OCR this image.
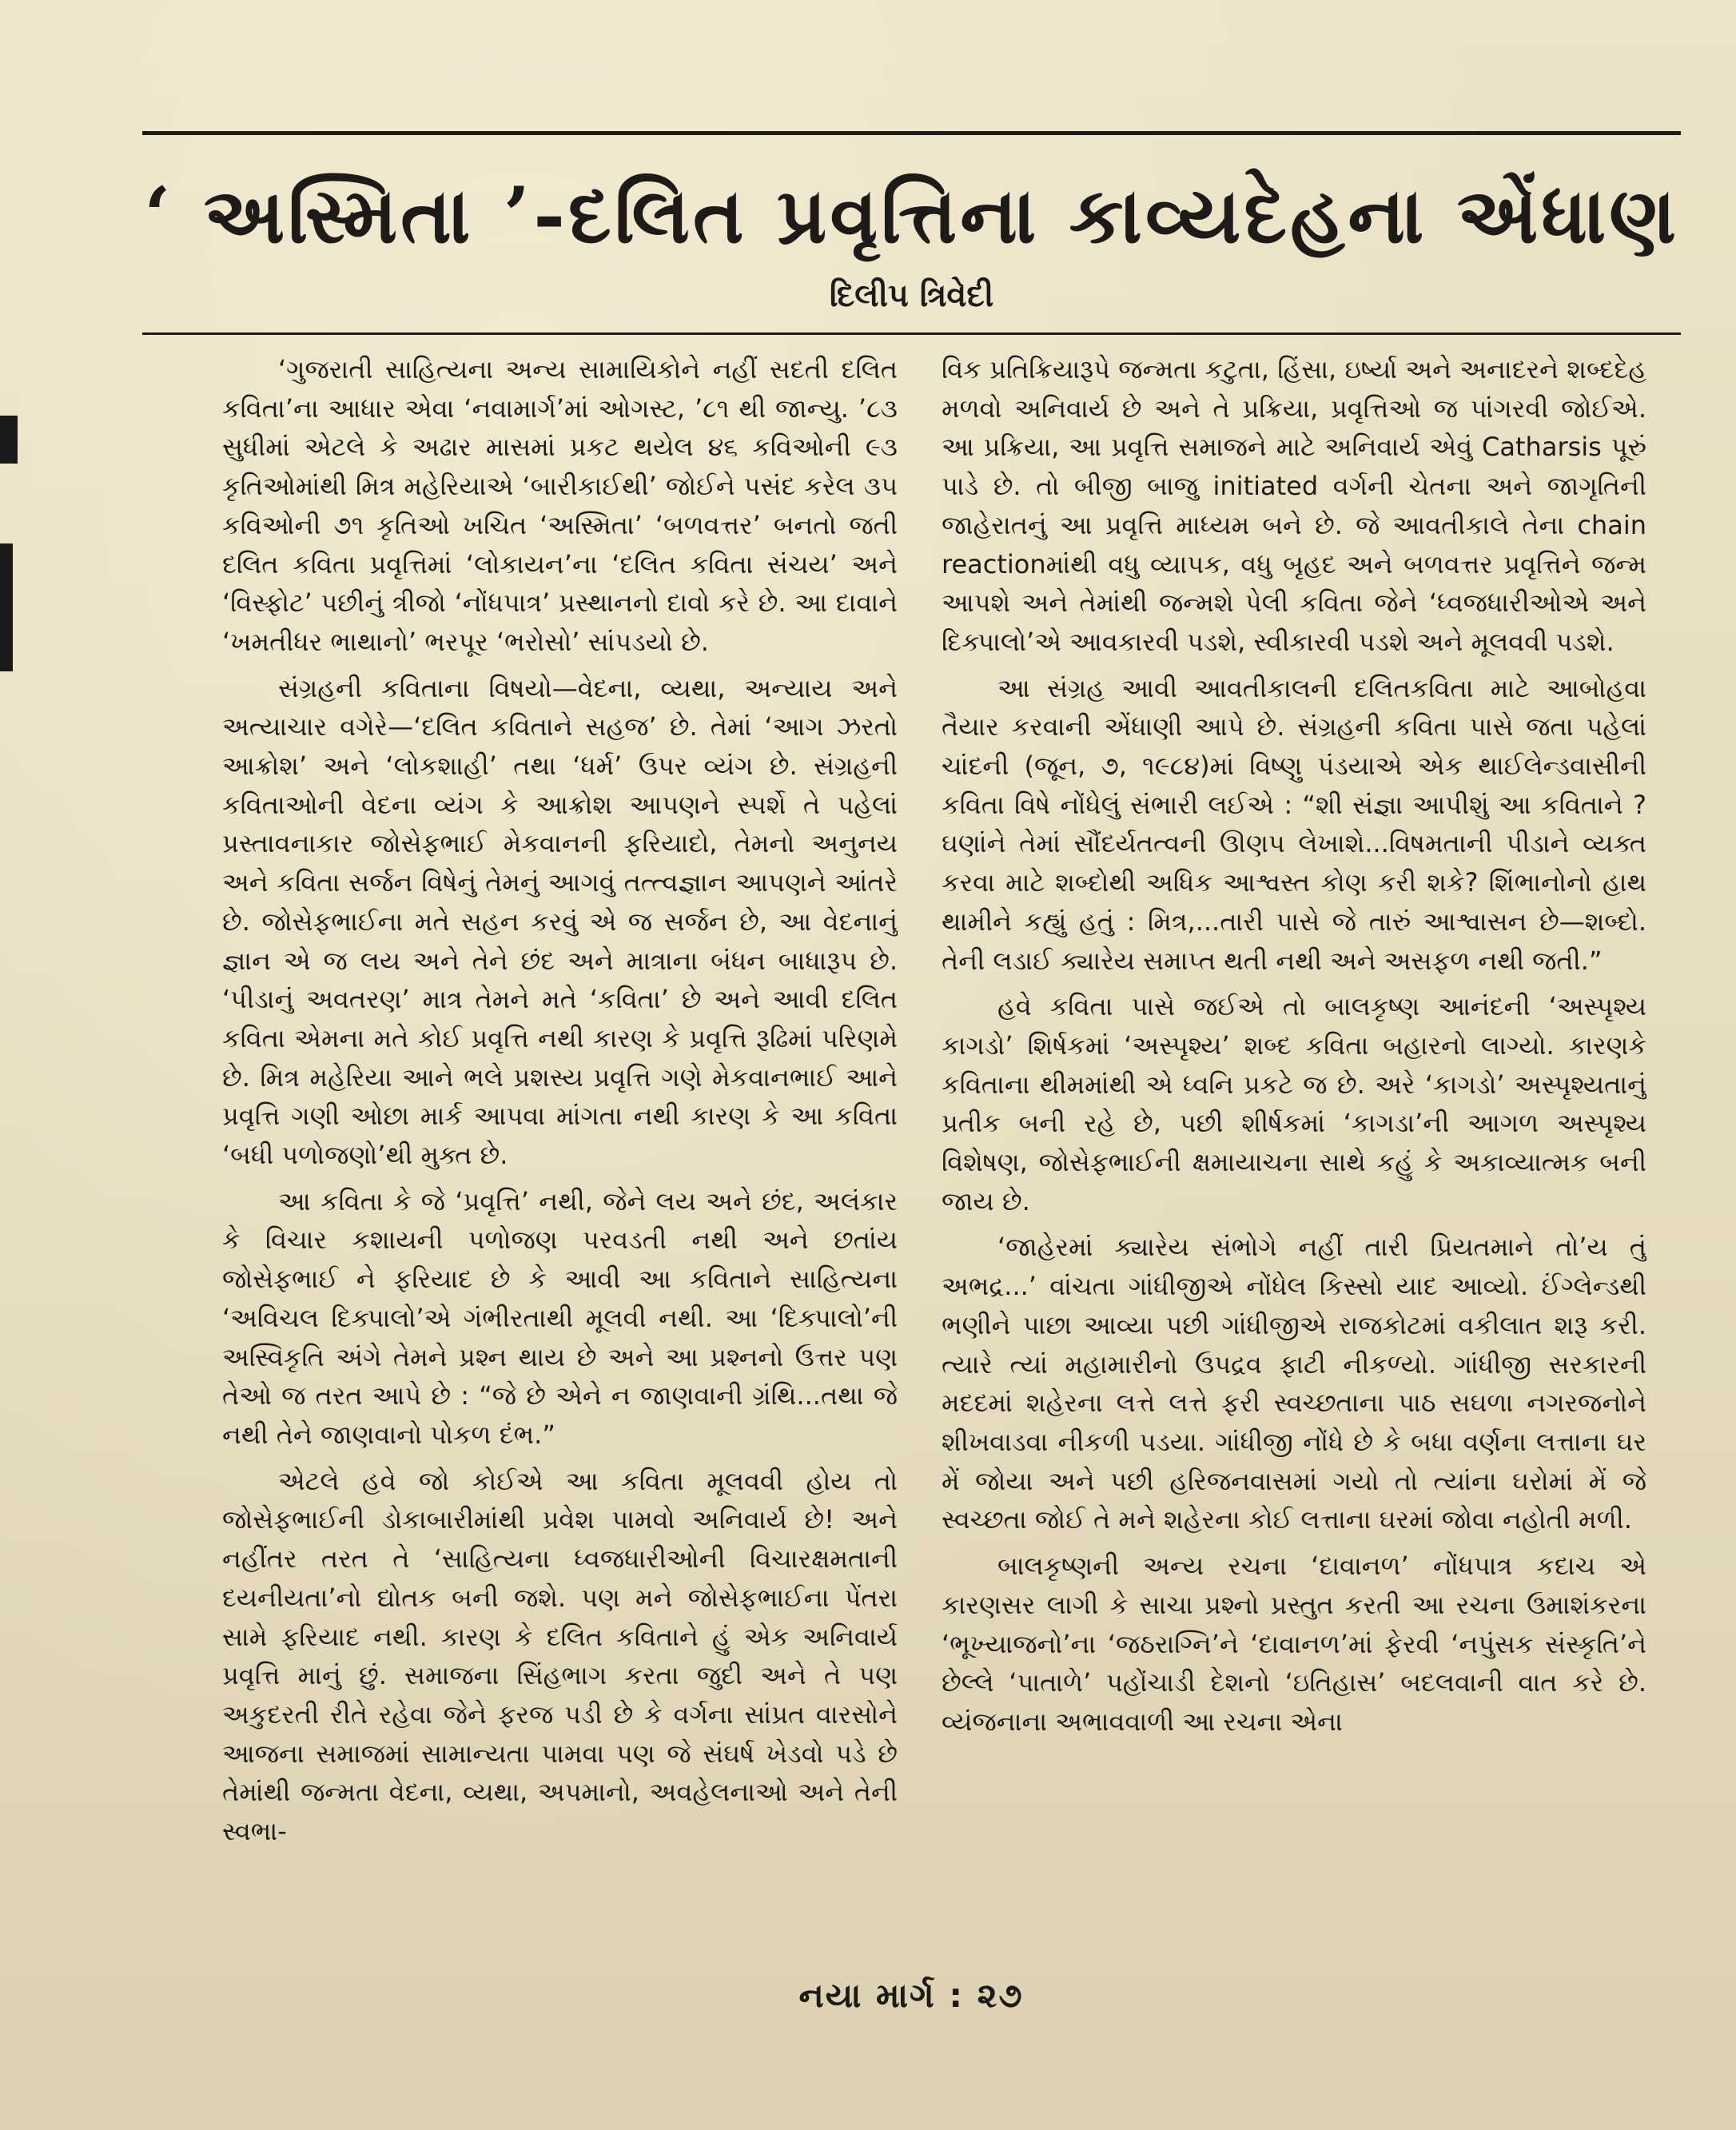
‘ અસ્મિતા ’-દલિત પ્રવૃત્તિના કાવ્યદેહના એંધાણ
દિલીપ ત્રિવેદી

‘ગુજરાતી સાહિત્યના અન્ય સામાયિકોને નહીં સદતી દલિત કવિતા’ના આધાર એવા ‘નવામાર્ગ’માં ઓગસ્ટ, ’૮૧ થી જાન્યુ. ’૮૩ સુધીમાં એટલે કે અઢાર માસમાં પ્રકટ થયેલ ૪૬ કવિઓની ૯૩ કૃતિઓમાંથી મિત્ર મહેરિયાએ ‘બારીકાઈથી’ જોઈને પસંદ કરેલ ૩૫ કવિઓની ૭૧ કૃતિઓ ખચિત ‘અસ્મિતા’ ‘બળવત્તર’ બનતો જતી દલિત કવિતા પ્રવૃત્તિમાં ‘લોકાયન’ના ‘દલિત કવિતા સંચય’ અને ‘વિસ્ફોટ’ પછીનું ત્રીજો ‘નોંધપાત્ર’ પ્રસ્થાનનો દાવો કરે છે. આ દાવાને ‘ખમતીધર ભાથાનો’ ભરપૂર ‘ભરોસો’ સાંપડયો છે.

સંગ્રહની કવિતાના વિષયો—વેદના, વ્યથા, અન્યાય અને અત્યાચાર વગેરે—‘દલિત કવિતાને સહજ’ છે. તેમાં ‘આગ ઝરતો આક્રોશ’ અને ‘લોકશાહી’ તથા ‘ધર્મ’ ઉપર વ્યંગ છે. સંગ્રહની કવિતાઓની વેદના વ્યંગ કે આક્રોશ આપણને સ્પર્શે તે પહેલાં પ્રસ્તાવનાકાર જોસેફભાઈ મેકવાનની ફરિયાદો, તેમનો અનુનય અને કવિતા સર્જન વિષેનું તેમનું આગવું તત્ત્વજ્ઞાન આપણને આંતરે છે. જોસેફભાઈના મતે સહન કરવું એ જ સર્જન છે, આ વેદનાનું જ્ઞાન એ જ લય અને તેને છંદ અને માત્રાના બંધન બાધારૂપ છે. ‘પીડાનું અવતરણ’ માત્ર તેમને મતે ‘કવિતા’ છે અને આવી દલિત કવિતા એમના મતે કોઈ પ્રવૃત્તિ નથી કારણ કે પ્રવૃત્તિ રૂઢિમાં પરિણમે છે. મિત્ર મહેરિયા આને ભલે પ્રશસ્ય પ્રવૃત્તિ ગણે મેકવાનભાઈ આને પ્રવૃત્તિ ગણી ઓછા માર્ક આપવા માંગતા નથી કારણ કે આ કવિતા ‘બધી પળોજણો’થી મુક્ત છે.

આ કવિતા કે જે ‘પ્રવૃત્તિ’ નથી, જેને લય અને છંદ, અલંકાર કે વિચાર કશાયની પળોજણ પરવડતી નથી અને છતાંય જોસેફભાઈ ને ફરિયાદ છે કે આવી આ કવિતાને સાહિત્યના ‘અવિચલ દિક્પાલો’એ ગંભીરતાથી મૂલવી નથી. આ ‘દિક્પાલો’ની અસ્વિકૃતિ અંગે તેમને પ્રશ્ન થાય છે અને આ પ્રશ્નનો ઉત્તર પણ તેઓ જ તરત આપે છે : “જે છે એને ન જાણવાની ગ્રંથિ...તથા જે નથી તેને જાણવાનો પોકળ દંભ.”

એટલે હવે જો કોઈએ આ કવિતા મૂલવવી હોય તો જોસેફભાઈની ડોકાબારીમાંથી પ્રવેશ પામવો અનિવાર્ય છે! અને નહીંતર તરત તે ‘સાહિત્યના ધ્વજધારીઓની વિચારક્ષમતાની દયનીયતા’નો દ્યોતક બની જશે. પણ મને જોસેફભાઈના પેંતરા સામે ફરિયાદ નથી. કારણ કે દલિત કવિતાને હું એક અનિવાર્ય પ્રવૃત્તિ માનું છું. સમાજના સિંહભાગ કરતા જુદી અને તે પણ અકુદરતી રીતે રહેવા જેને ફરજ પડી છે કે વર્ગના સાંપ્રત વારસોને આજના સમાજમાં સામાન્યતા પામવા પણ જે સંઘર્ષ ખેડવો પડે છે તેમાંથી જન્મતા વેદના, વ્યથા, અપમાનો, અવહેલનાઓ અને તેની સ્વભા-

વિક પ્રતિક્રિયારૂપે જન્મતા કટુતા, હિંસા, ઇર્ષ્યા અને અનાદરને શબ્દદેહ મળવો અનિવાર્ય છે અને તે પ્રક્રિયા, પ્રવૃત્તિઓ જ પાંગરવી જોઈએ. આ પ્રક્રિયા, આ પ્રવૃત્તિ સમાજને માટે અનિવાર્ય એવું Catharsis પૂરું પાડે છે. તો બીજી બાજુ initiated વર્ગની ચેતના અને જાગૃતિની જાહેરાતનું આ પ્રવૃત્તિ માધ્યમ બને છે. જે આવતીકાલે તેના chain reactionમાંથી વધુ વ્યાપક, વધુ બૃહદ અને બળવત્તર પ્રવૃત્તિને જન્મ આપશે અને તેમાંથી જન્મશે પેલી કવિતા જેને ‘ધ્વજધારીઓએ અને દિક્પાલો’એ આવકારવી પડશે, સ્વીકારવી પડશે અને મૂલવવી પડશે.

આ સંગ્રહ આવી આવતીકાલની દલિતકવિતા માટે આબોહવા તૈયાર કરવાની એંધાણી આપે છે. સંગ્રહની કવિતા પાસે જતા પહેલાં ચાંદની (જૂન, ૭, ૧૯૮૪)માં વિષ્ણુ પંડયાએ એક થાઈલેન્ડવાસીની કવિતા વિષે નોંધેલું સંભારી લઈએ : “શી સંજ્ઞા આપીશું આ કવિતાને ? ઘણાંને તેમાં સૌંદર્યતત્વની ઊણપ લેખાશે...વિષમતાની પીડાને વ્યક્ત કરવા માટે શબ્દોથી અધિક આશ્વસ્ત કોણ કરી શકે? શિંભાનોનો હાથ થામીને કહ્યું હતું : મિત્ર,...તારી પાસે જે તારું આશ્વાસન છે—શબ્દો. તેની લડાઈ ક્યારેય સમાપ્ત થતી નથી અને અસફળ નથી જતી.”

હવે કવિતા પાસે જઈએ તો બાલકૃષ્ણ આનંદની ‘અસ્પૃશ્ય કાગડો’ શિર્ષકમાં ‘અસ્પૃશ્ય’ શબ્દ કવિતા બહારનો લાગ્યો. કારણકે કવિતાના થીમમાંથી એ ધ્વનિ પ્રકટે જ છે. અરે ‘કાગડો’ અસ્પૃશ્યતાનું પ્રતીક બની રહે છે, પછી શીર્ષકમાં ‘કાગડા’ની આગળ અસ્પૃશ્ય વિશેષણ, જોસેફભાઈની ક્ષમાયાચના સાથે કહું કે અકાવ્યાત્મક બની જાય છે.

‘જાહેરમાં ક્યારેય સંભોગે નહીં તારી પ્રિયતમાને તો’ય તું અભદ્ર...’ વાંચતા ગાંધીજીએ નોંધેલ કિસ્સો યાદ આવ્યો. ઈંગ્લેન્ડથી ભણીને પાછા આવ્યા પછી ગાંધીજીએ રાજકોટમાં વકીલાત શરૂ કરી. ત્યારે ત્યાં મહામારીનો ઉપદ્રવ ફાટી નીકળ્યો. ગાંધીજી સરકારની મદદમાં શહેરના લત્તે લત્તે ફરી સ્વચ્છતાના પાઠ સઘળા નગરજનોને શીખવાડવા નીકળી પડયા. ગાંધીજી નોંધે છે કે બધા વર્ણના લત્તાના ઘર મેં જોયા અને પછી હરિજનવાસમાં ગયો તો ત્યાંના ઘરોમાં મેં જે સ્વચ્છતા જોઈ તે મને શહેરના કોઈ લત્તાના ઘરમાં જોવા નહોતી મળી.

બાલકૃષ્ણની અન્ય રચના ‘દાવાનળ’ નોંધપાત્ર કદાચ એ કારણસર લાગી કે સાચા પ્રશ્નો પ્રસ્તુત કરતી આ રચના ઉમાશંકરના ‘ભૂખ્યાજનો’ના ‘જઠરાગ્નિ’ને ‘દાવાનળ’માં ફેરવી ‘નપુંસક સંસ્કૃતિ’ને છેલ્લે ‘પાતાળે’ પહોંચાડી દેશનો ‘ઇતિહાસ’ બદલવાની વાત કરે છે. વ્યંજનાના અભાવવાળી આ રચના એના

નયા માર્ગ : ૨૭
